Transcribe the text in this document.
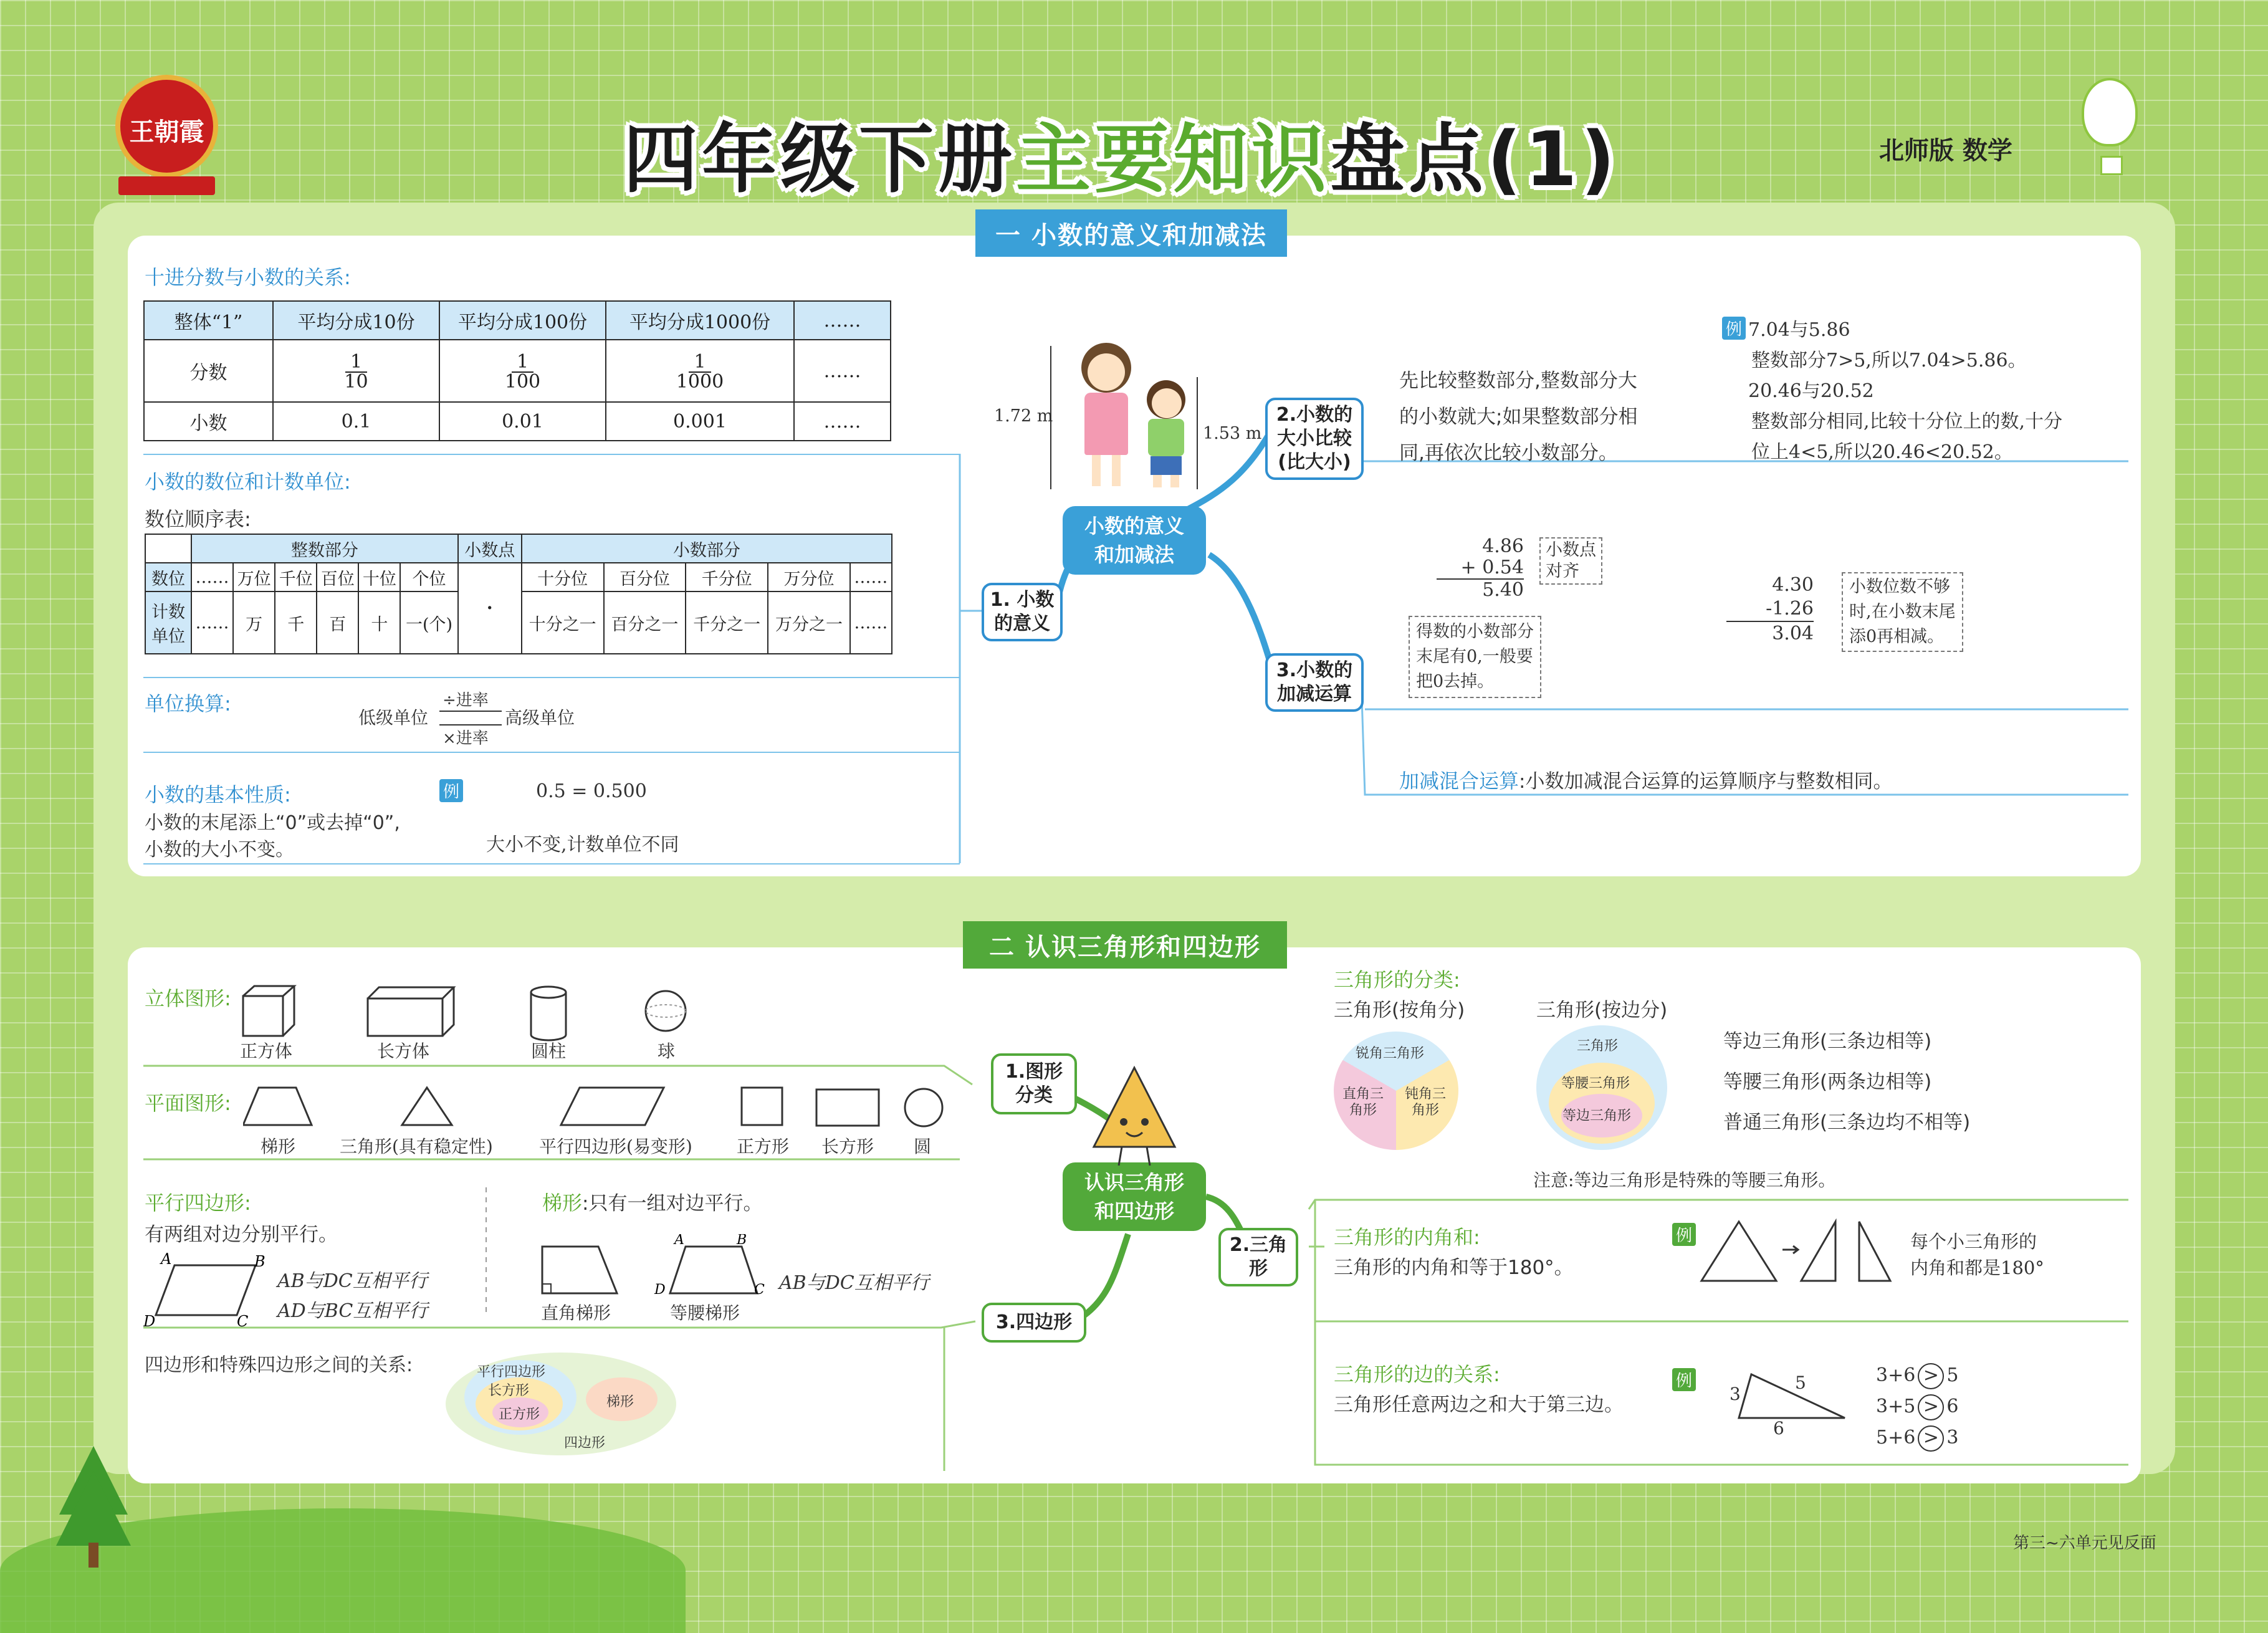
王朝霞	四年级下册主要知识盘点(1)	北师版 数学
一 小数的意义和加减法
十进分数与小数的关系:
整体“1”	平均分成10份	平均分成100份	平均分成1000份	……
分数	$\frac{1}{10}$	$\frac{1}{100}$	$\frac{1}{1000}$	……
小数	0.1	0.01	0.001	……
小数的数位和计数单位:
数位顺序表:
	整数部分						小数点	小数部分				
数位	……	万位	千位	百位	十位	个位	·	十分位	百分位	千分位	万分位	……
计数单位	……	万	千	百	十	一(个)		十分之一	百分之一	千分之一	万分之一	……
单位换算:
低级单位
÷进率
×进率
高级单位
小数的基本性质:
小数的末尾添上“0”或去掉“0”,
小数的大小不变。
例	0.5 = 0.500
大小不变,计数单位不同
小数的意义
和加减法
1. 小数
的意义
2.小数的
大小比较
(比大小)
3.小数的
加减运算
1.72 m
1.53 m
先比较整数部分,整数部分大
的小数就大;如果整数部分相
同,再依次比较小数部分。
例 7.04与5.86
整数部分7>5,所以7.04>5.86。
20.46与20.52
整数部分相同,比较十分位上的数,十分
位上4<5,所以20.46<20.52。
4.86
+ 0.54
5.40
小数点
对齐
得数的小数部分
末尾有0,一般要
把0去掉。
4.30
-1.26
3.04
小数位数不够
时,在小数末尾
添0再相减。
加减混合运算:小数加减混合运算的运算顺序与整数相同。
二 认识三角形和四边形
认识三角形
和四边形
1.图形
分类
2.三角
形
3.四边形
立体图形:
正方体	长方体	圆柱	球
平面图形:
梯形	三角形(具有稳定性)	平行四边形(易变形)	正方形 长方形 圆
平行四边形:
有两组对边分别平行。
A	B
C
D
AB与DC互相平行
AD与BC互相平行
梯形:只有一组对边平行。
A	B
C
D
直角梯形	等腰梯形
AB与DC互相平行
四边形和特殊四边形之间的关系:	平行四边形
长方形
正方形
梯形
四边形
三角形的分类:
三角形(按角分)	三角形(按边分)
锐角三角形
直角三角形
钝角三角形
三角形
等腰三角形
等边三角形
等边三角形(三条边相等)
等腰三角形(两条边相等)
普通三角形(三条边均不相等)
注意:等边三角形是特殊的等腰三角形。
三角形的内角和:
三角形的内角和等于180°。
例	每个小三角形的
内角和都是180°
三角形的边的关系:
三角形任意两边之和大于第三边。
例
3
5
6
3+6 > 5
3+5 > 6
5+6 > 3
第三~六单元见反面
